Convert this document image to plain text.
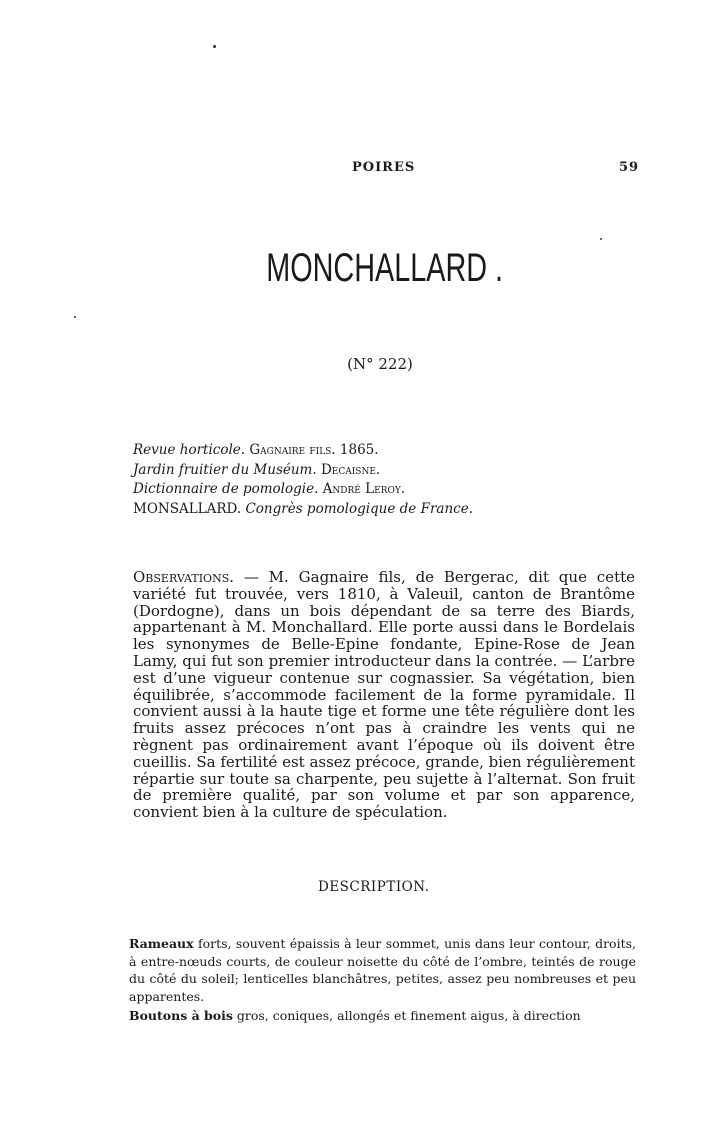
POIRES	59
MONCHALLARD .
(N° 222)
Revue horticole. Gagnaire fils. 1865.
Jardin fruitier du Muséum. Decaisne.
Dictionnaire de pomologie. André Leroy.
MONSALLARD. Congrès pomologique de France.
Observations. — M. Gagnaire fils, de Bergerac, dit que cette variété fut trouvée, vers 1810, à Valeuil, canton de Brantôme (Dordogne), dans un bois dépendant de sa terre des Biards, appartenant à M. Monchallard. Elle porte aussi dans le Bordelais les synonymes de Belle-Epine fondante, Epine-Rose de Jean Lamy, qui fut son premier introducteur dans la contrée. — L’arbre est d’une vigueur contenue sur cognassier. Sa végétation, bien équilibrée, s’accommode facilement de la forme pyramidale. Il convient aussi à la haute tige et forme une tête régulière dont les fruits assez précoces n’ont pas à craindre les vents qui ne règnent pas ordinairement avant l’époque où ils doivent être cueillis. Sa fertilité est assez précoce, grande, bien régulièrement répartie sur toute sa charpente, peu sujette à l’alternat. Son fruit de première qualité, par son volume et par son apparence, convient bien à la culture de spéculation.
DESCRIPTION.
Rameaux forts, souvent épaissis à leur sommet, unis dans leur contour, droits, à entre-nœuds courts, de couleur noisette du côté de l’ombre, teintés de rouge du côté du soleil; lenticelles blanchâtres, petites, assez peu nombreuses et peu apparentes.
Boutons à bois gros, coniques, allongés et finement aigus, à direction
